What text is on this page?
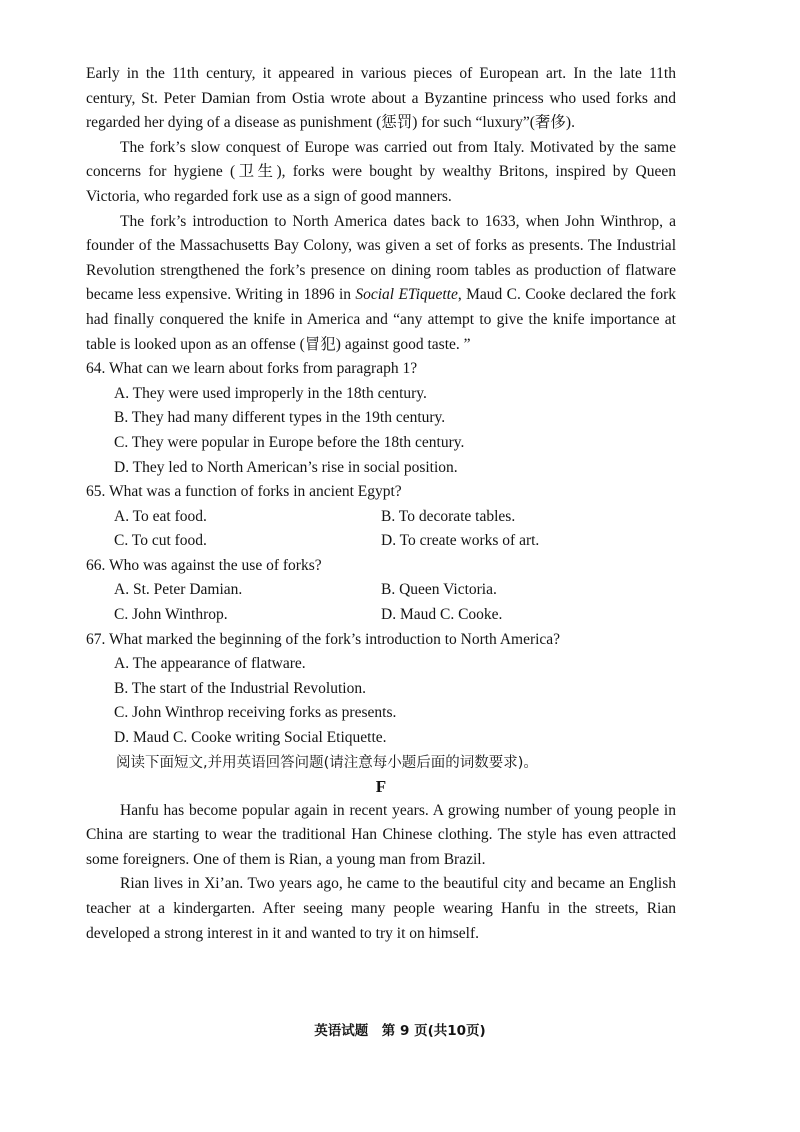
Early in the 11th century, it appeared in various pieces of European art. In the late 11th century, St. Peter Damian from Ostia wrote about a Byzantine princess who used forks and regarded her dying of a disease as punishment (惩罚) for such “luxury”(奢侈).

The fork’s slow conquest of Europe was carried out from Italy. Motivated by the same concerns for hygiene (卫生), forks were bought by wealthy Britons, inspired by Queen Victoria, who regarded fork use as a sign of good manners.

The fork’s introduction to North America dates back to 1633, when John Winthrop, a founder of the Massachusetts Bay Colony, was given a set of forks as presents. The Industrial Revolution strengthened the fork’s presence on dining room tables as production of flatware became less expensive. Writing in 1896 in Social ETiquette, Maud C. Cooke declared the fork had finally conquered the knife in America and “any attempt to give the knife importance at table is looked upon as an offense (冒犯) against good taste. ”

64. What can we learn about forks from paragraph 1?
A. They were used improperly in the 18th century.
B. They had many different types in the 19th century.
C. They were popular in Europe before the 18th century.
D. They led to North American’s rise in social position.
65. What was a function of forks in ancient Egypt?
A. To eat food.	B. To decorate tables.
C. To cut food.	D. To create works of art.
66. Who was against the use of forks?
A. St. Peter Damian.	B. Queen Victoria.
C. John Winthrop.	D. Maud C. Cooke.
67. What marked the beginning of the fork’s introduction to North America?
A. The appearance of flatware.
B. The start of the Industrial Revolution.
C. John Winthrop receiving forks as presents.
D. Maud C. Cooke writing Social Etiquette.
阅读下面短文,并用英语回答问题(请注意每小题后面的词数要求)。
F

Hanfu has become popular again in recent years. A growing number of young people in China are starting to wear the traditional Han Chinese clothing. The style has even attracted some foreigners. One of them is Rian, a young man from Brazil.

Rian lives in Xi’an. Two years ago, he came to the beautiful city and became an English teacher at a kindergarten. After seeing many people wearing Hanfu in the streets, Rian developed a strong interest in it and wanted to try it on himself.

英语试题　第 9 页(共10页)
